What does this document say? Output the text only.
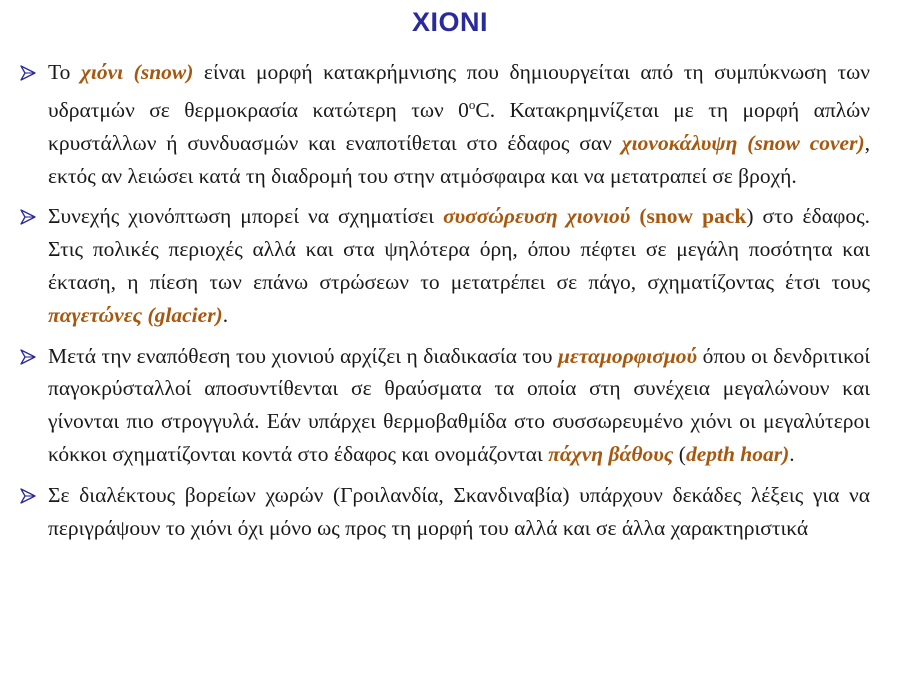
ΧΙΟΝΙ
Το χιόνι (snow) είναι μορφή κατακρήμνισης που δημιουργείται από τη συμπύκνωση των υδρατμών σε θερμοκρασία κατώτερη των 0$^o$C. Κατακρημνίζεται με τη μορφή απλών κρυστάλλων ή συνδυασμών και εναποτίθεται στο έδαφος σαν χιονοκάλυψη (snow cover), εκτός αν λειώσει κατά τη διαδρομή του στην ατμόσφαιρα και να μετατραπεί σε βροχή.
Συνεχής χιονόπτωση μπορεί να σχηματίσει συσσώρευση χιονιού (snow pack) στο έδαφος. Στις πολικές περιοχές αλλά και στα ψηλότερα όρη, όπου πέφτει σε μεγάλη ποσότητα και έκταση, η πίεση των επάνω στρώσεων το μετατρέπει σε πάγο, σχηματίζοντας έτσι τους παγετώνες (glacier).
Μετά την εναπόθεση του χιονιού αρχίζει η διαδικασία του μεταμορφισμού όπου οι δενδριτικοί παγοκρύσταλλοί αποσυντίθενται σε θραύσματα τα οποία στη συνέχεια μεγαλώνουν και γίνονται πιο στρογγυλά. Εάν υπάρχει θερμοβαθμίδα στο συσσωρευμένο χιόνι οι μεγαλύτεροι κόκκοι σχηματίζονται κοντά στο έδαφος και ονομάζονται πάχνη βάθους (depth hoar).
Σε διαλέκτους βορείων χωρών (Γροιλανδία, Σκανδιναβία) υπάρχουν δεκάδες λέξεις για να περιγράψουν το χιόνι όχι μόνο ως προς τη μορφή του αλλά και σε άλλα χαρακτηριστικά
